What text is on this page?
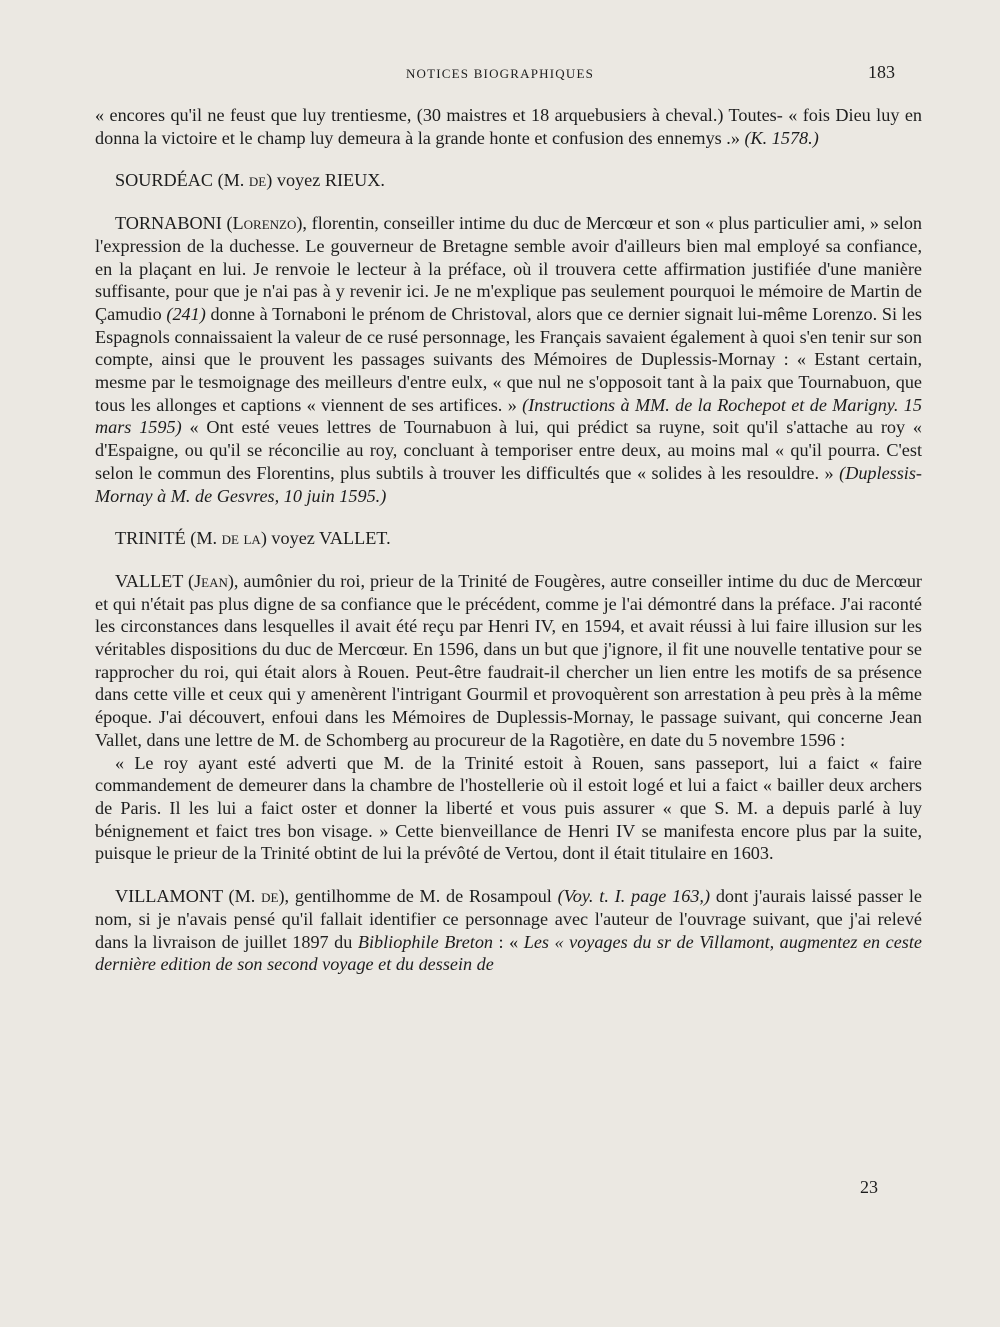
NOTICES BIOGRAPHIQUES	183

« encores qu'il ne feust que luy trentiesme, (30 maistres et 18 arquebusiers à cheval.) Toutes- « fois Dieu luy en donna la victoire et le champ luy demeura à la grande honte et confusion des ennemys .» (K. 1578.)

SOURDÉAC (M. de) voyez RIEUX.

TORNABONI (Lorenzo), florentin, conseiller intime du duc de Mercœur et son « plus particulier ami, » selon l'expression de la duchesse. Le gouverneur de Bretagne semble avoir d'ailleurs bien mal employé sa confiance, en la plaçant en lui. Je renvoie le lecteur à la préface, où il trouvera cette affirmation justifiée d'une manière suffisante, pour que je n'ai pas à y revenir ici. Je ne m'explique pas seulement pourquoi le mémoire de Martin de Çamudio (241) donne à Tornaboni le prénom de Christoval, alors que ce dernier signait lui-même Lorenzo. Si les Espagnols connaissaient la valeur de ce rusé personnage, les Français savaient également à quoi s'en tenir sur son compte, ainsi que le prouvent les passages suivants des Mémoires de Duplessis-Mornay : « Estant certain, mesme par le tesmoignage des meilleurs d'entre eulx, « que nul ne s'opposoit tant à la paix que Tournabuon, que tous les allonges et captions « viennent de ses artifices. » (Instructions à MM. de la Rochepot et de Marigny. 15 mars 1595) « Ont esté veues lettres de Tournabuon à lui, qui prédict sa ruyne, soit qu'il s'attache au roy « d'Espaigne, ou qu'il se réconcilie au roy, concluant à temporiser entre deux, au moins mal « qu'il pourra. C'est selon le commun des Florentins, plus subtils à trouver les difficultés que « solides à les resouldre. » (Duplessis-Mornay à M. de Gesvres, 10 juin 1595.)

TRINITÉ (M. de la) voyez VALLET.

VALLET (Jean), aumônier du roi, prieur de la Trinité de Fougères, autre conseiller intime du duc de Mercœur et qui n'était pas plus digne de sa confiance que le précédent, comme je l'ai démontré dans la préface. J'ai raconté les circonstances dans lesquelles il avait été reçu par Henri IV, en 1594, et avait réussi à lui faire illusion sur les véritables dispositions du duc de Mercœur. En 1596, dans un but que j'ignore, il fit une nouvelle tentative pour se rapprocher du roi, qui était alors à Rouen. Peut-être faudrait-il chercher un lien entre les motifs de sa présence dans cette ville et ceux qui y amenèrent l'intrigant Gourmil et provoquèrent son arrestation à peu près à la même époque. J'ai découvert, enfoui dans les Mémoires de Duplessis-Mornay, le passage suivant, qui concerne Jean Vallet, dans une lettre de M. de Schomberg au procureur de la Ragotière, en date du 5 novembre 1596 :

« Le roy ayant esté adverti que M. de la Trinité estoit à Rouen, sans passeport, lui a faict « faire commandement de demeurer dans la chambre de l'hostellerie où il estoit logé et lui a faict « bailler deux archers de Paris. Il les lui a faict oster et donner la liberté et vous puis assurer « que S. M. a depuis parlé à luy bénignement et faict tres bon visage. » Cette bienveillance de Henri IV se manifesta encore plus par la suite, puisque le prieur de la Trinité obtint de lui la prévôté de Vertou, dont il était titulaire en 1603.

VILLAMONT (M. de), gentilhomme de M. de Rosampoul (Voy. t. I. page 163,) dont j'aurais laissé passer le nom, si je n'avais pensé qu'il fallait identifier ce personnage avec l'auteur de l'ouvrage suivant, que j'ai relevé dans la livraison de juillet 1897 du Bibliophile Breton : « Les « voyages du sr de Villamont, augmentez en ceste dernière edition de son second voyage et du dessein de

23
